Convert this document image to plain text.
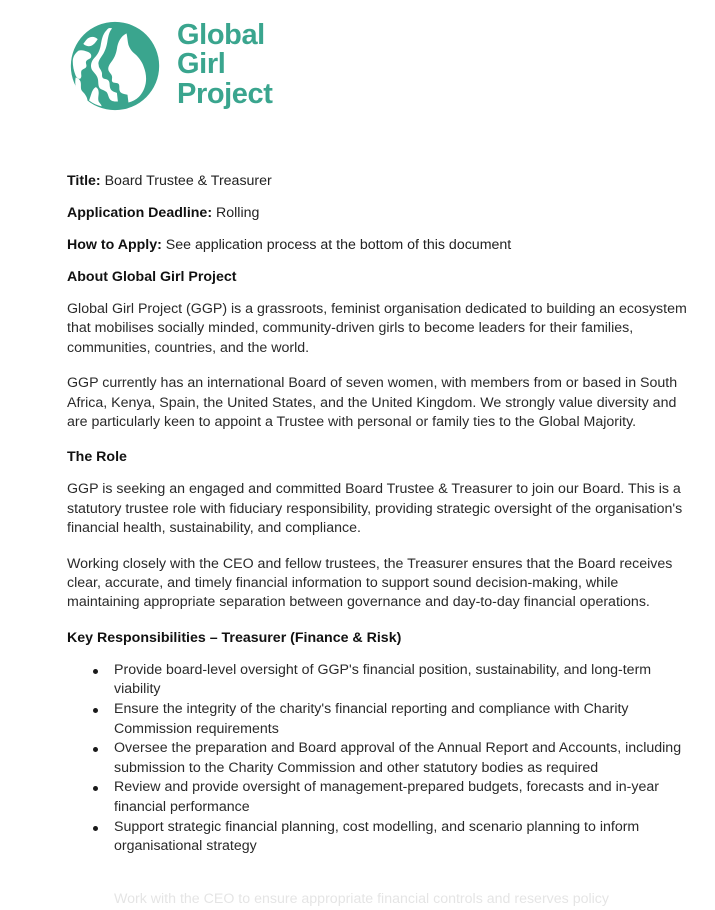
Global
Girl
Project

Title: Board Trustee & Treasurer

Application Deadline: Rolling

How to Apply: See application process at the bottom of this document

About Global Girl Project

Global Girl Project (GGP) is a grassroots, feminist organisation dedicated to building an ecosystem that mobilises socially minded, community-driven girls to become leaders for their families, communities, countries, and the world.

GGP currently has an international Board of seven women, with members from or based in South Africa, Kenya, Spain, the United States, and the United Kingdom. We strongly value diversity and are particularly keen to appoint a Trustee with personal or family ties to the Global Majority.

The Role

GGP is seeking an engaged and committed Board Trustee & Treasurer to join our Board. This is a statutory trustee role with fiduciary responsibility, providing strategic oversight of the organisation's financial health, sustainability, and compliance.

Working closely with the CEO and fellow trustees, the Treasurer ensures that the Board receives clear, accurate, and timely financial information to support sound decision-making, while maintaining appropriate separation between governance and day-to-day financial operations.

Key Responsibilities – Treasurer (Finance & Risk)
Provide board-level oversight of GGP's financial position, sustainability, and long-term viability
Ensure the integrity of the charity's financial reporting and compliance with Charity Commission requirements
Oversee the preparation and Board approval of the Annual Report and Accounts, including submission to the Charity Commission and other statutory bodies as required
Review and provide oversight of management-prepared budgets, forecasts and in-year financial performance
Support strategic financial planning, cost modelling, and scenario planning to inform organisational strategy
Work with the CEO to ensure appropriate financial controls and reserves policy
